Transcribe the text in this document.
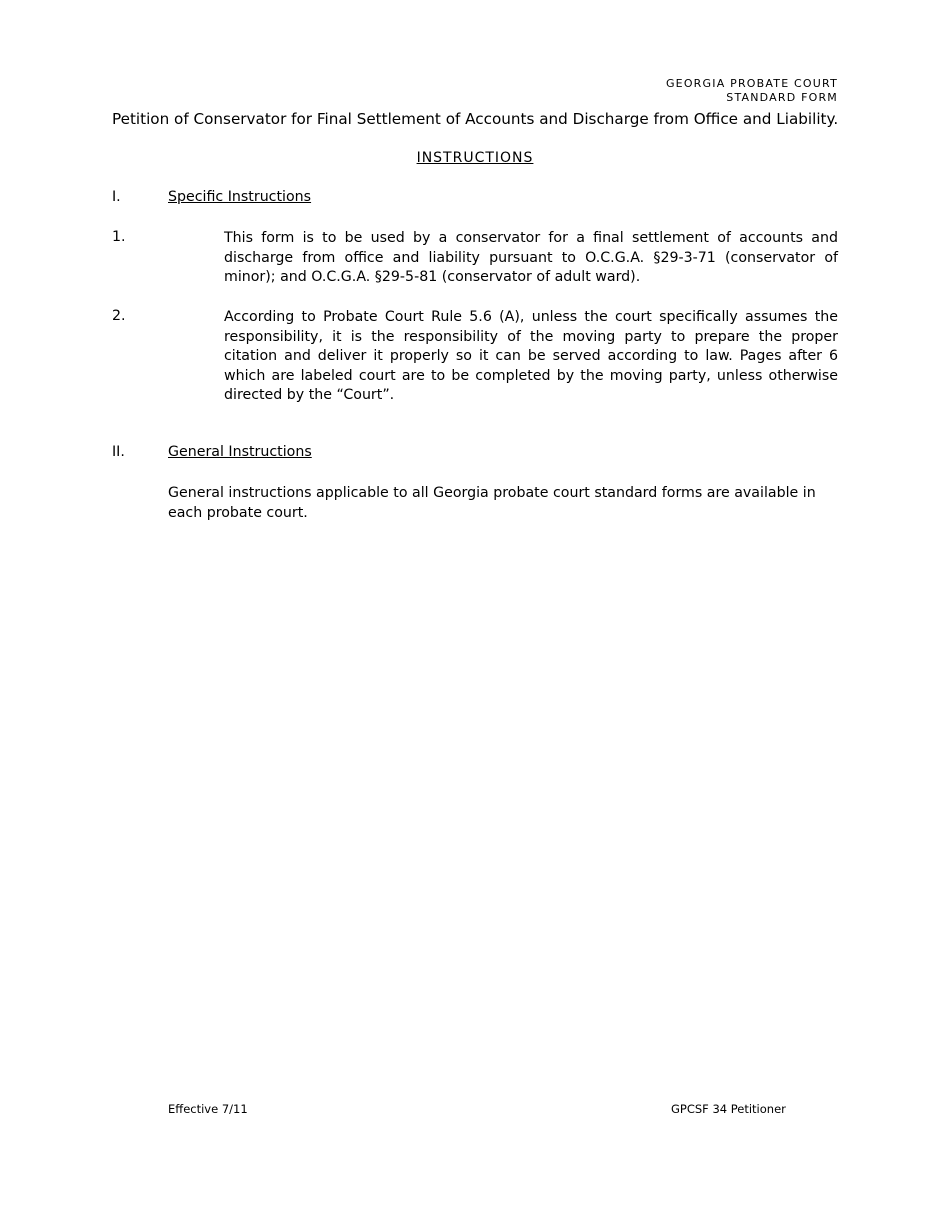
GEORGIA PROBATE COURT
STANDARD FORM
Petition of Conservator for Final Settlement of Accounts and Discharge from Office and Liability.
INSTRUCTIONS
I.	Specific Instructions
1.	This form is to be used by a conservator for a final settlement of accounts and discharge from office and liability pursuant to O.C.G.A. §29-3-71 (conservator of minor); and O.C.G.A. §29-5-81 (conservator of adult ward).
2.	According to Probate Court Rule 5.6 (A), unless the court specifically assumes the responsibility, it is the responsibility of the moving party to prepare the proper citation and deliver it properly so it can be served according to law. Pages after 6 which are labeled court are to be completed by the moving party, unless otherwise directed by the “Court”.
II.	General Instructions
General instructions applicable to all Georgia probate court standard forms are available in each probate court.
Effective 7/11	GPCSF 34 Petitioner
